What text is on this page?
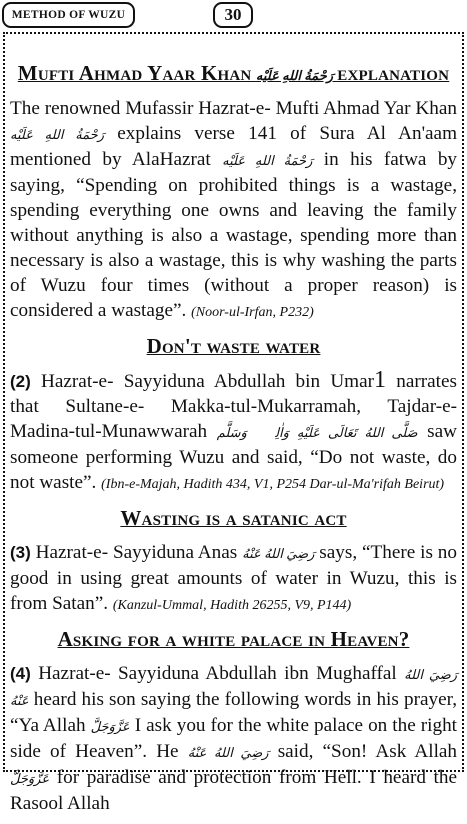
METHOD OF WUZU	30
Mufti Ahmad Yaar Khan رَحْمَةُ اللهِ عَلَيْه explanation

The renowned Mufassir Hazrat-e- Mufti Ahmad Yar Khan رَحْمَةُ اللهِ عَلَيْه explains verse 141 of Sura Al An'aam mentioned by AlaHazrat رَحْمَةُ اللهِ عَلَيْه in his fatwa by saying, “Spending on prohibited things is a wastage, spending everything one owns and leaving the family without anything is also a wastage, spending more than necessary is also a wastage, this is why washing the parts of Wuzu four times (without a proper reason) is considered a wastage”. (Noor-ul-Irfan, P232)

Don't waste water

(2) Hazrat-e- Sayyiduna Abdullah bin Umar1 narrates that Sultane-e- Makka-tul-Mukarramah, Tajdar-e- Madina-tul-Munawwarah صَلَّى اللهُ تَعَالَى عَلَيْهِ وَاٰلِهٖ وَسَلَّم saw someone performing Wuzu and said, “Do not waste, do not waste”. (Ibn-e-Majah, Hadith 434, V1, P254 Dar-ul-Ma'rifah Beirut)

Wasting is a satanic act

(3) Hazrat-e- Sayyiduna Anas رَضِيَ اللهُ عَنْهُ says, “There is no good in using great amounts of water in Wuzu, this is from Satan”. (Kanzul-Ummal, Hadith 26255, V9, P144)

Asking for a white palace in Heaven?

(4) Hazrat-e- Sayyiduna Abdullah ibn Mughaffal رَضِيَ اللهُ عَنْهُ heard his son saying the following words in his prayer, “Ya Allah عَزَّوَجَلَّ I ask you for the white palace on the right side of Heaven”. He رَضِيَ اللهُ عَنْهُ said, “Son! Ask Allah عَزَّوَجَلَّ for paradise and protection from Hell. I heard the Rasool Allah
